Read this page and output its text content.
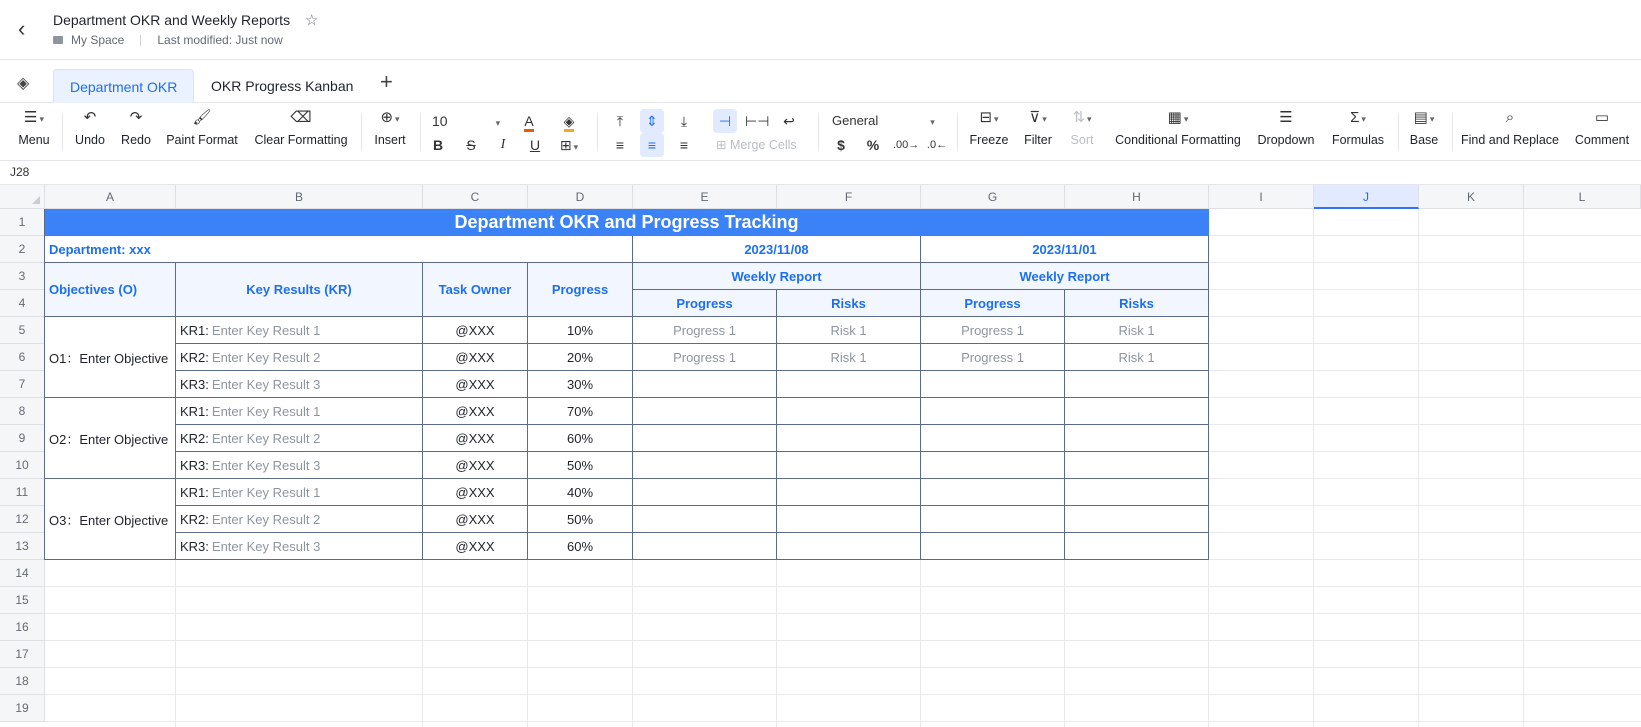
‹	Department OKR and Weekly Reports ☆
My Space	Last modified: Just now
◈	Department OKR	OKR Progress Kanban	+
☰ ▾
Menu
↶
Undo
↷
Redo
🖌
Paint Format
⌫
Clear Formatting
⊕ ▾
Insert
10	▾	A	◈
B	S	I	U	⊞ ▾
⤒	⇕	⤓
≡	≡	≡
⊣ ⊢⊣ ↩
⊞ Merge Cells
General	▾
$	%	.00→ .0←
⊟ ▾
Freeze
⊽ ▾
Filter
⇅ ▾
Sort
▦ ▾
Conditional Formatting
☰
Dropdown
Σ ▾
Formulas
▤ ▾
Base
⌕
Find and Replace
▭
Comment
J28
A	B	C	D	E	F	G	H	I	J	K	L
1
2
3
4
5
6
7
8
9
10
11
12
13
14
15
16
17
18
19
Department OKR and Progress Tracking
Department: xxx	2023/11/08	2023/11/01
Objectives (O)	Key Results (KR)	Task Owner	Progress
Weekly Report	Weekly Report
Progress	Risks	Progress	Risks
O1：Enter Objective
KR1: Enter Key Result 1	@XXX	10%	Progress 1	Risk 1	Progress 1	Risk 1
KR2: Enter Key Result 2	@XXX	20%	Progress 1	Risk 1	Progress 1	Risk 1
KR3: Enter Key Result 3	@XXX	30%
O2：Enter Objective
KR1: Enter Key Result 1	@XXX	70%
KR2: Enter Key Result 2	@XXX	60%
KR3: Enter Key Result 3	@XXX	50%
O3：Enter Objective
KR1: Enter Key Result 1	@XXX	40%
KR2: Enter Key Result 2	@XXX	50%
KR3: Enter Key Result 3	@XXX	60%
